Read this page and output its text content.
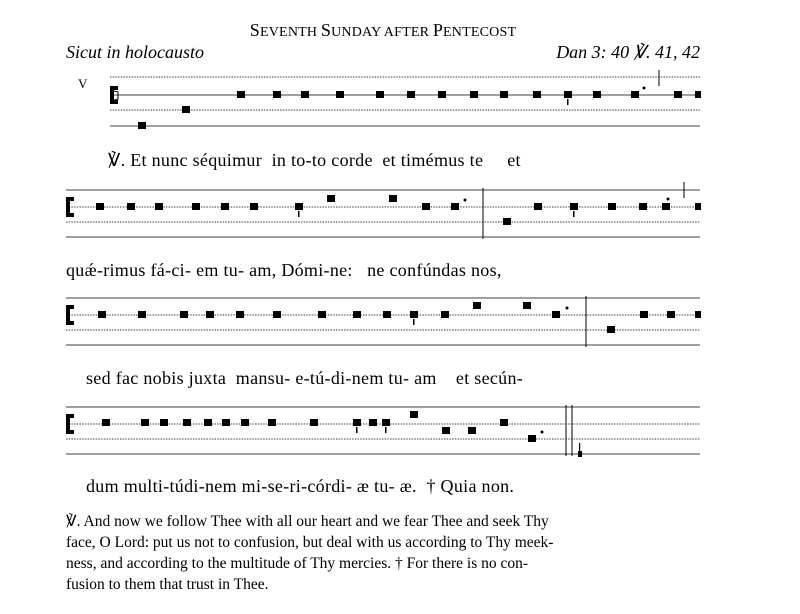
SEVENTH SUNDAY AFTER PENTECOST
Sicut in holocausto	Dan 3: 40 ℣. 41, 42
V
℣. Et nunc séquimur  in to-to corde  et timémus te     et
quǽ-rimus fá-ci- em tu- am, Dómi-ne:   ne confúndas nos,
sed fac nobis juxta  mansu- e-tú-di-nem tu- am    et secún-
dum multi-túdi-nem mi-se-ri-córdi- æ tu- æ.  † Quia non.
℣. And now we follow Thee with all our heart and we fear Thee and seek Thy
face, O Lord: put us not to confusion, but deal with us according to Thy meek-
ness, and according to the multitude of Thy mercies. † For there is no con-
fusion to them that trust in Thee.
